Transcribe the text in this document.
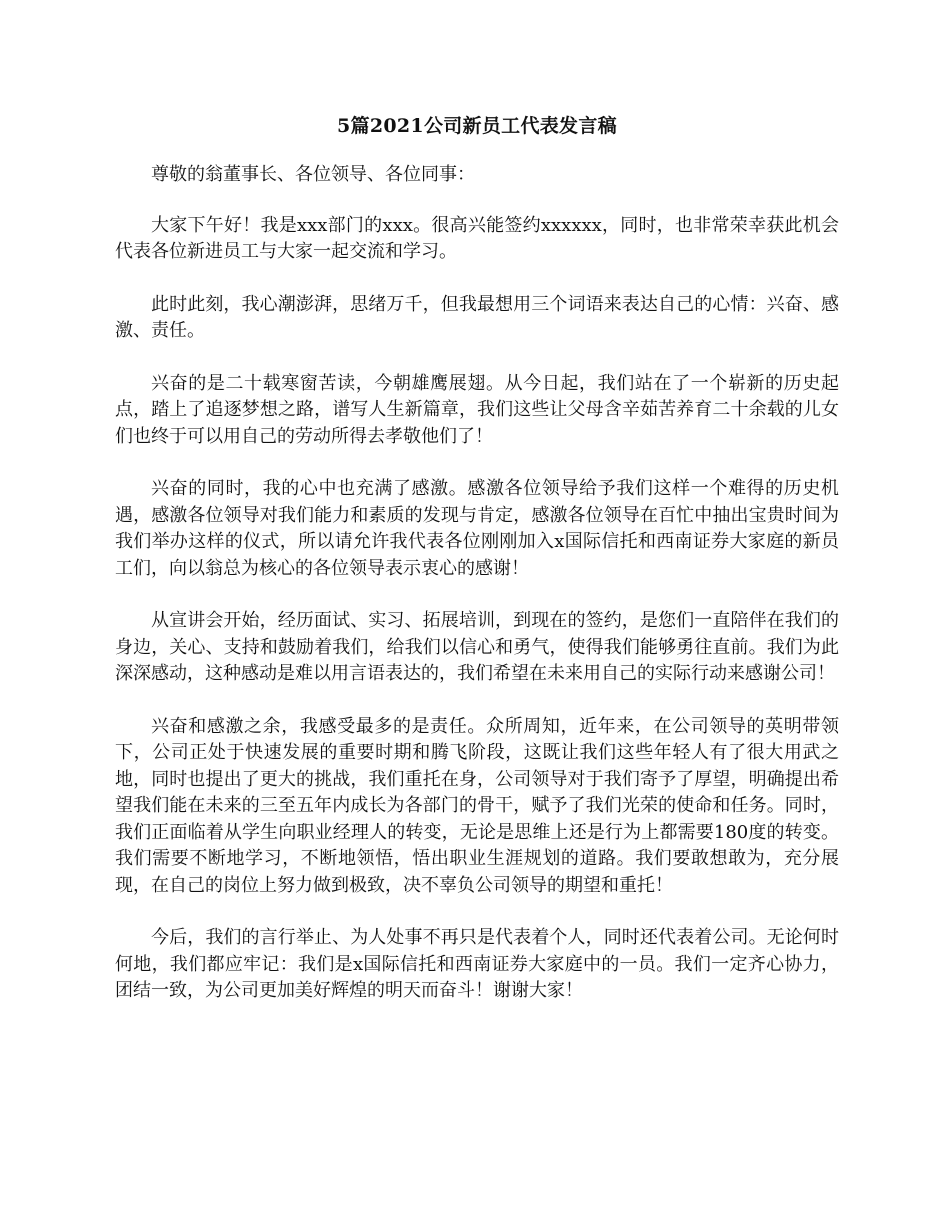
5篇2021公司新员工代表发言稿

尊敬的翁董事长、各位领导、各位同事：

大家下午好！我是xxx部门的xxx。很高兴能签约xxxxxx，同时，也非常荣幸获此机会代表各位新进员工与大家一起交流和学习。

此时此刻，我心潮澎湃，思绪万千，但我最想用三个词语来表达自己的心情：兴奋、感激、责任。

兴奋的是二十载寒窗苦读，今朝雄鹰展翅。从今日起，我们站在了一个崭新的历史起点，踏上了追逐梦想之路，谱写人生新篇章，我们这些让父母含辛茹苦养育二十余载的儿女们也终于可以用自己的劳动所得去孝敬他们了！

兴奋的同时，我的心中也充满了感激。感激各位领导给予我们这样一个难得的历史机遇，感激各位领导对我们能力和素质的发现与肯定，感激各位领导在百忙中抽出宝贵时间为我们举办这样的仪式，所以请允许我代表各位刚刚加入x国际信托和西南证券大家庭的新员工们，向以翁总为核心的各位领导表示衷心的感谢！

从宣讲会开始，经历面试、实习、拓展培训，到现在的签约，是您们一直陪伴在我们的身边，关心、支持和鼓励着我们，给我们以信心和勇气，使得我们能够勇往直前。我们为此深深感动，这种感动是难以用言语表达的，我们希望在未来用自己的实际行动来感谢公司！

兴奋和感激之余，我感受最多的是责任。众所周知，近年来，在公司领导的英明带领下，公司正处于快速发展的重要时期和腾飞阶段，这既让我们这些年轻人有了很大用武之地，同时也提出了更大的挑战，我们重托在身，公司领导对于我们寄予了厚望，明确提出希望我们能在未来的三至五年内成长为各部门的骨干，赋予了我们光荣的使命和任务。同时，我们正面临着从学生向职业经理人的转变，无论是思维上还是行为上都需要180度的转变。我们需要不断地学习，不断地领悟，悟出职业生涯规划的道路。我们要敢想敢为，充分展现，在自己的岗位上努力做到极致，决不辜负公司领导的期望和重托！

今后，我们的言行举止、为人处事不再只是代表着个人，同时还代表着公司。无论何时何地，我们都应牢记：我们是x国际信托和西南证券大家庭中的一员。我们一定齐心协力，团结一致，为公司更加美好辉煌的明天而奋斗！谢谢大家！
